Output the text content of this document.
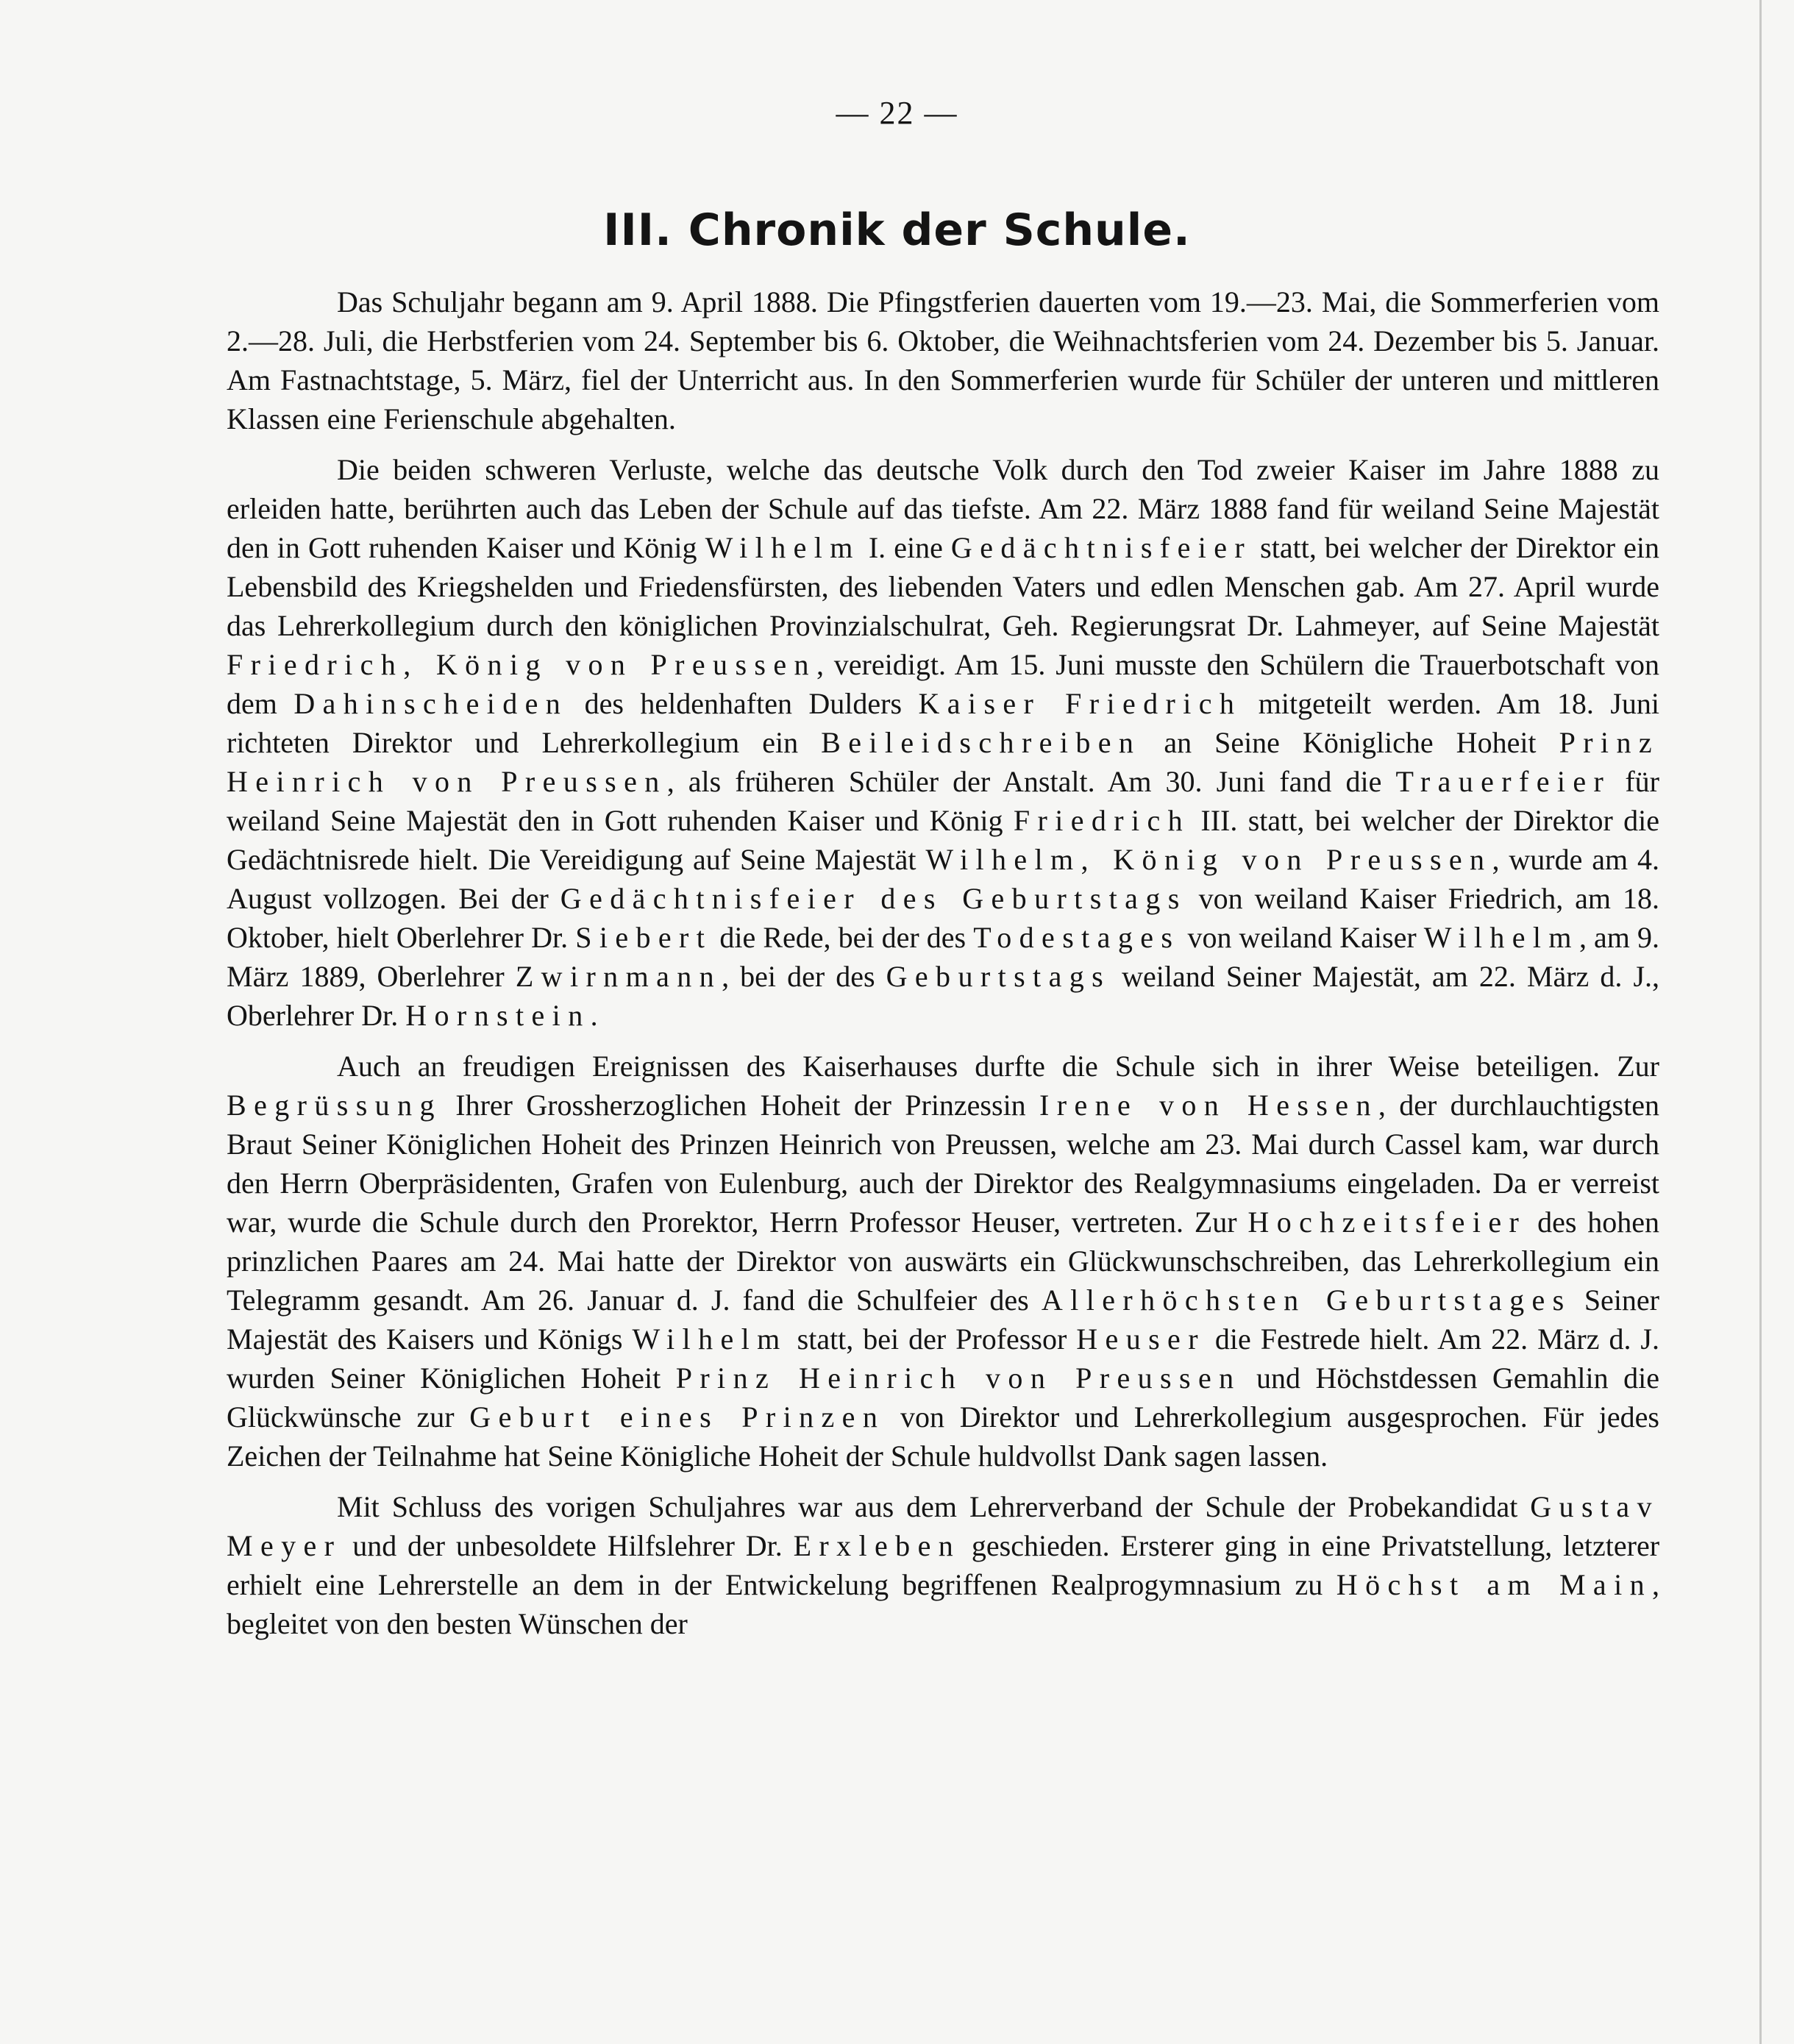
— 22 —
III. Chronik der Schule.

Das Schuljahr begann am 9. April 1888. Die Pfingstferien dauerten vom 19.—23. Mai, die Sommerferien vom 2.—28. Juli, die Herbstferien vom 24. September bis 6. Oktober, die Weihnachtsferien vom 24. Dezember bis 5. Januar. Am Fastnachtstage, 5. März, fiel der Unterricht aus. In den Sommerferien wurde für Schüler der unteren und mittleren Klassen eine Ferienschule abgehalten.

Die beiden schweren Verluste, welche das deutsche Volk durch den Tod zweier Kaiser im Jahre 1888 zu erleiden hatte, berührten auch das Leben der Schule auf das tiefste. Am 22. März 1888 fand für weiland Seine Majestät den in Gott ruhenden Kaiser und König Wilhelm I. eine Gedächtnisfeier statt, bei welcher der Direktor ein Lebensbild des Kriegshelden und Friedensfürsten, des liebenden Vaters und edlen Menschen gab. Am 27. April wurde das Lehrerkollegium durch den königlichen Provinzialschulrat, Geh. Regierungsrat Dr. Lahmeyer, auf Seine Majestät Friedrich, König von Preussen, vereidigt. Am 15. Juni musste den Schülern die Trauerbotschaft von dem Dahinscheiden des heldenhaften Dulders Kaiser Friedrich mitgeteilt werden. Am 18. Juni richteten Direktor und Lehrerkollegium ein Beileidschreiben an Seine Königliche Hoheit Prinz Heinrich von Preussen, als früheren Schüler der Anstalt. Am 30. Juni fand die Trauerfeier für weiland Seine Majestät den in Gott ruhenden Kaiser und König Friedrich III. statt, bei welcher der Direktor die Gedächtnisrede hielt. Die Vereidigung auf Seine Majestät Wilhelm, König von Preussen, wurde am 4. August vollzogen. Bei der Gedächtnisfeier des Geburtstags von weiland Kaiser Friedrich, am 18. Oktober, hielt Oberlehrer Dr. Siebert die Rede, bei der des Todestages von weiland Kaiser Wilhelm, am 9. März 1889, Oberlehrer Zwirnmann, bei der des Geburtstags weiland Seiner Majestät, am 22. März d. J., Oberlehrer Dr. Hornstein.

Auch an freudigen Ereignissen des Kaiserhauses durfte die Schule sich in ihrer Weise beteiligen. Zur Begrüssung Ihrer Grossherzoglichen Hoheit der Prinzessin Irene von Hessen, der durchlauchtigsten Braut Seiner Königlichen Hoheit des Prinzen Heinrich von Preussen, welche am 23. Mai durch Cassel kam, war durch den Herrn Oberpräsidenten, Grafen von Eulenburg, auch der Direktor des Realgymnasiums eingeladen. Da er verreist war, wurde die Schule durch den Prorektor, Herrn Professor Heuser, vertreten. Zur Hochzeitsfeier des hohen prinzlichen Paares am 24. Mai hatte der Direktor von auswärts ein Glückwunschschreiben, das Lehrerkollegium ein Telegramm gesandt. Am 26. Januar d. J. fand die Schulfeier des Allerhöchsten Geburtstages Seiner Majestät des Kaisers und Königs Wilhelm statt, bei der Professor Heuser die Festrede hielt. Am 22. März d. J. wurden Seiner Königlichen Hoheit Prinz Heinrich von Preussen und Höchstdessen Gemahlin die Glückwünsche zur Geburt eines Prinzen von Direktor und Lehrerkollegium ausgesprochen. Für jedes Zeichen der Teilnahme hat Seine Königliche Hoheit der Schule huldvollst Dank sagen lassen.

Mit Schluss des vorigen Schuljahres war aus dem Lehrerverband der Schule der Probekandidat Gustav Meyer und der unbesoldete Hilfslehrer Dr. Erxleben geschieden. Ersterer ging in eine Privatstellung, letzterer erhielt eine Lehrerstelle an dem in der Entwickelung begriffenen Realprogymnasium zu Höchst am Main, begleitet von den besten Wünschen der
